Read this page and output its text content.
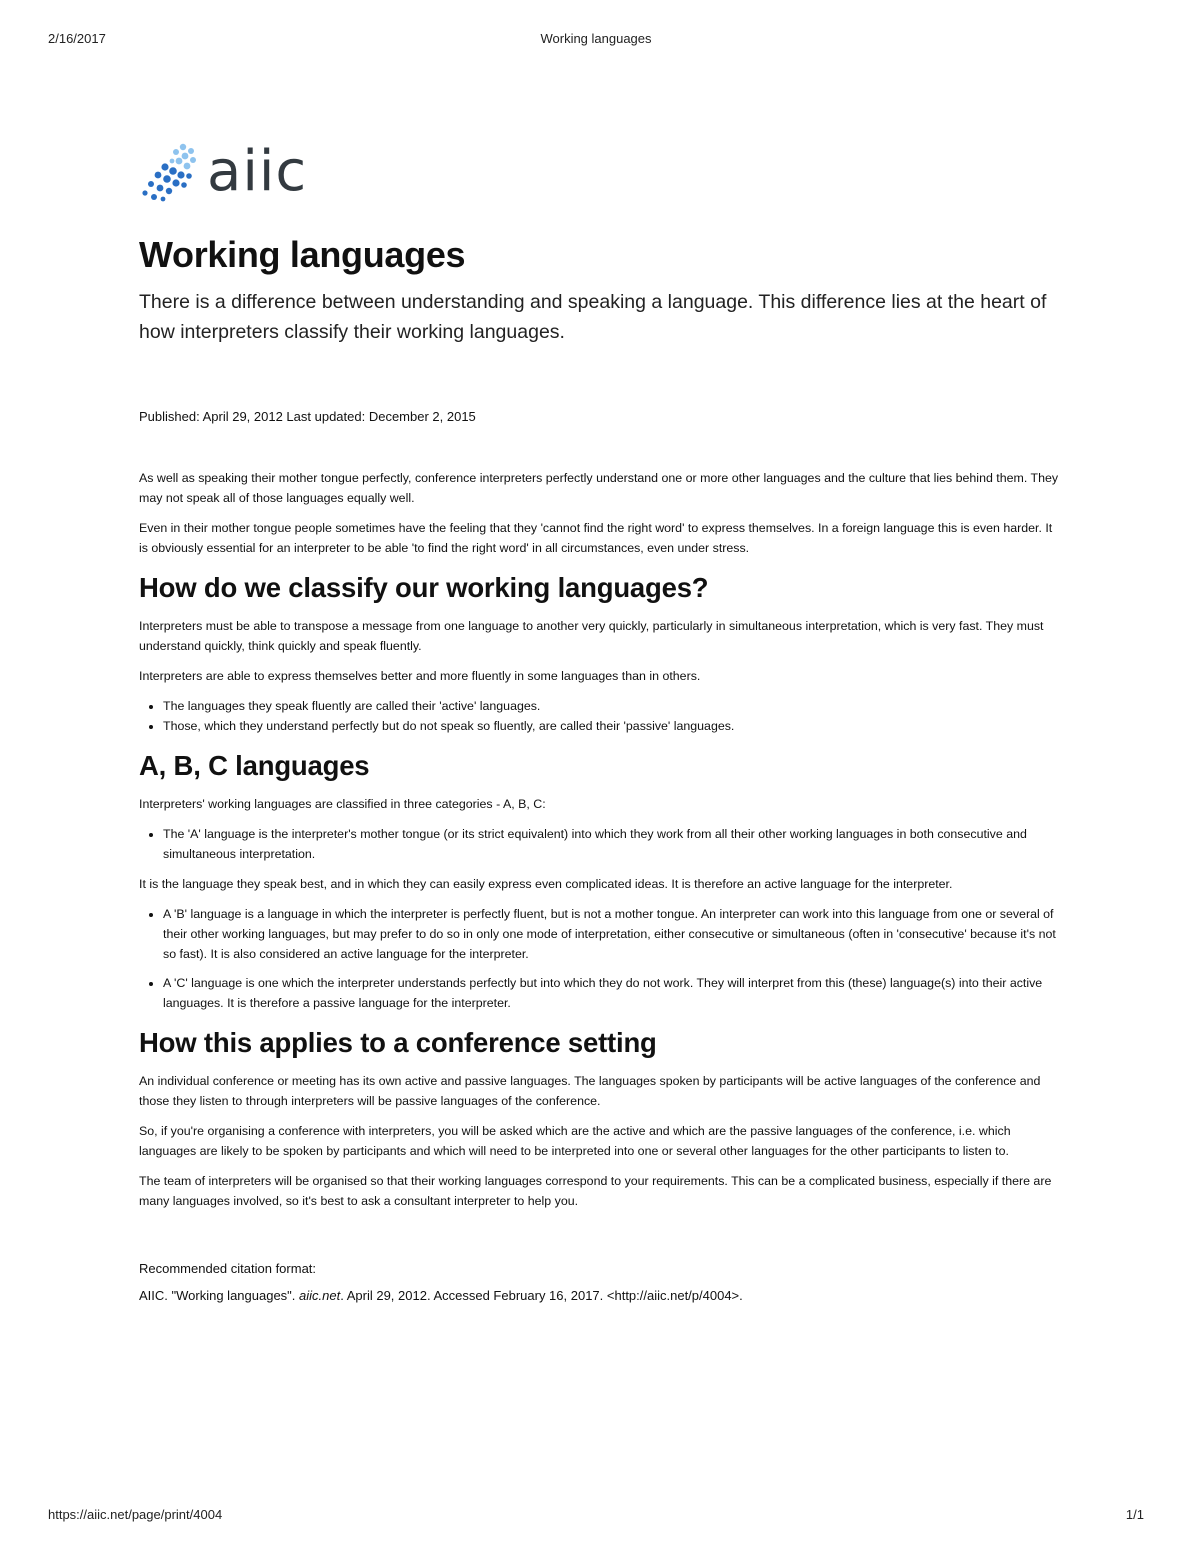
2/16/2017	Working languages
aiic
Working languages

There is a difference between understanding and speaking a language. This difference lies at the heart of how interpreters classify their working languages.

Published: April 29, 2012 Last updated: December 2, 2015

As well as speaking their mother tongue perfectly, conference interpreters perfectly understand one or more other languages and the culture that lies behind them. They may not speak all of those languages equally well.

Even in their mother tongue people sometimes have the feeling that they 'cannot find the right word' to express themselves. In a foreign language this is even harder. It is obviously essential for an interpreter to be able 'to find the right word' in all circumstances, even under stress.

How do we classify our working languages?

Interpreters must be able to transpose a message from one language to another very quickly, particularly in simultaneous interpretation, which is very fast. They must understand quickly, think quickly and speak fluently.

Interpreters are able to express themselves better and more fluently in some languages than in others.

• The languages they speak fluently are called their 'active' languages.
• Those, which they understand perfectly but do not speak so fluently, are called their 'passive' languages.
A, B, C languages

Interpreters' working languages are classified in three categories - A, B, C:

• The 'A' language is the interpreter's mother tongue (or its strict equivalent) into which they work from all their other working languages in both consecutive and simultaneous interpretation.

It is the language they speak best, and in which they can easily express even complicated ideas. It is therefore an active language for the interpreter.

• A 'B' language is a language in which the interpreter is perfectly fluent, but is not a mother tongue. An interpreter can work into this language from one or several of their other working languages, but may prefer to do so in only one mode of interpretation, either consecutive or simultaneous (often in 'consecutive' because it's not so fast). It is also considered an active language for the interpreter.
• A 'C' language is one which the interpreter understands perfectly but into which they do not work. They will interpret from this (these) language(s) into their active languages. It is therefore a passive language for the interpreter.
How this applies to a conference setting

An individual conference or meeting has its own active and passive languages. The languages spoken by participants will be active languages of the conference and those they listen to through interpreters will be passive languages of the conference.

So, if you're organising a conference with interpreters, you will be asked which are the active and which are the passive languages of the conference, i.e. which languages are likely to be spoken by participants and which will need to be interpreted into one or several other languages for the other participants to listen to.

The team of interpreters will be organised so that their working languages correspond to your requirements. This can be a complicated business, especially if there are many languages involved, so it's best to ask a consultant interpreter to help you.

Recommended citation format:

AIIC. "Working languages". aiic.net. April 29, 2012. Accessed February 16, 2017. <http://aiic.net/p/4004>.

https://aiic.net/page/print/4004	1/1
